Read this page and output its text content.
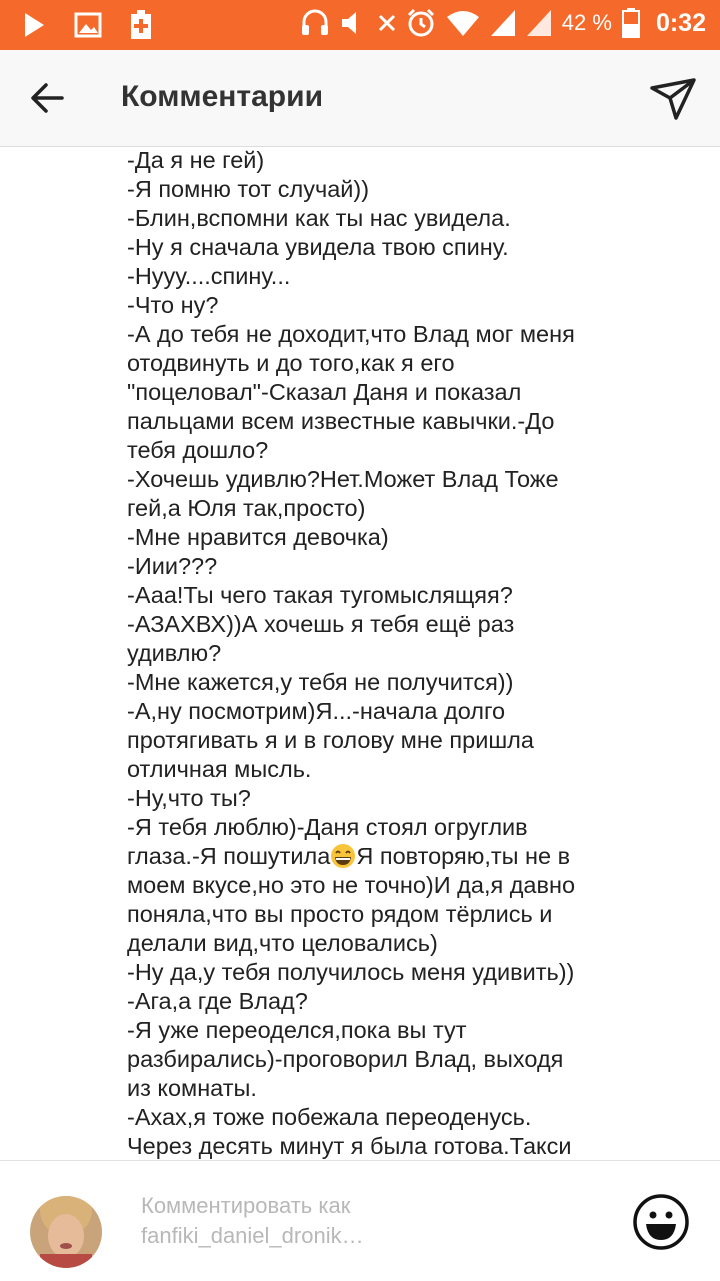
42 % 0:32
Комментарии
-Да я не гей)
-Я помню тот случай))
-Блин,вспомни как ты нас увидела.
-Ну я сначала увидела твою спину.
-Нууу....спину...
-Что ну?
-А до тебя не доходит,что Влад мог меня
отодвинуть и до того,как я его
"поцеловал"-Сказал Даня и показал
пальцами всем известные кавычки.-До
тебя дошло?
-Хочешь удивлю?Нет.Может Влад Тоже
гей,а Юля так,просто)
-Мне нравится девочка)
-Иии???
-Ааа!Ты чего такая тугомыслящяя?
-АЗАХВХ))А хочешь я тебя ещё раз
удивлю?
-Мне кажется,у тебя не получится))
-А,ну посмотрим)Я...-начала долго
протягивать я и в голову мне пришла
отличная мысль.
-Ну,что ты?
-Я тебя люблю)-Даня стоял огруглив
глаза.-Я пошутила Я повторяю,ты не в
моем вкусе,но это не точно)И да,я давно
поняла,что вы просто рядом тёрлись и
делали вид,что целовались)
-Ну да,у тебя получилось меня удивить))
-Ага,а где Влад?
-Я уже переоделся,пока вы тут
разбирались)-проговорил Влад, выходя
из комнаты.
-Ахах,я тоже побежала переоденусь.
Через десять минут я была готова.Такси
Комментировать как
fanfiki_daniel_dronik…
